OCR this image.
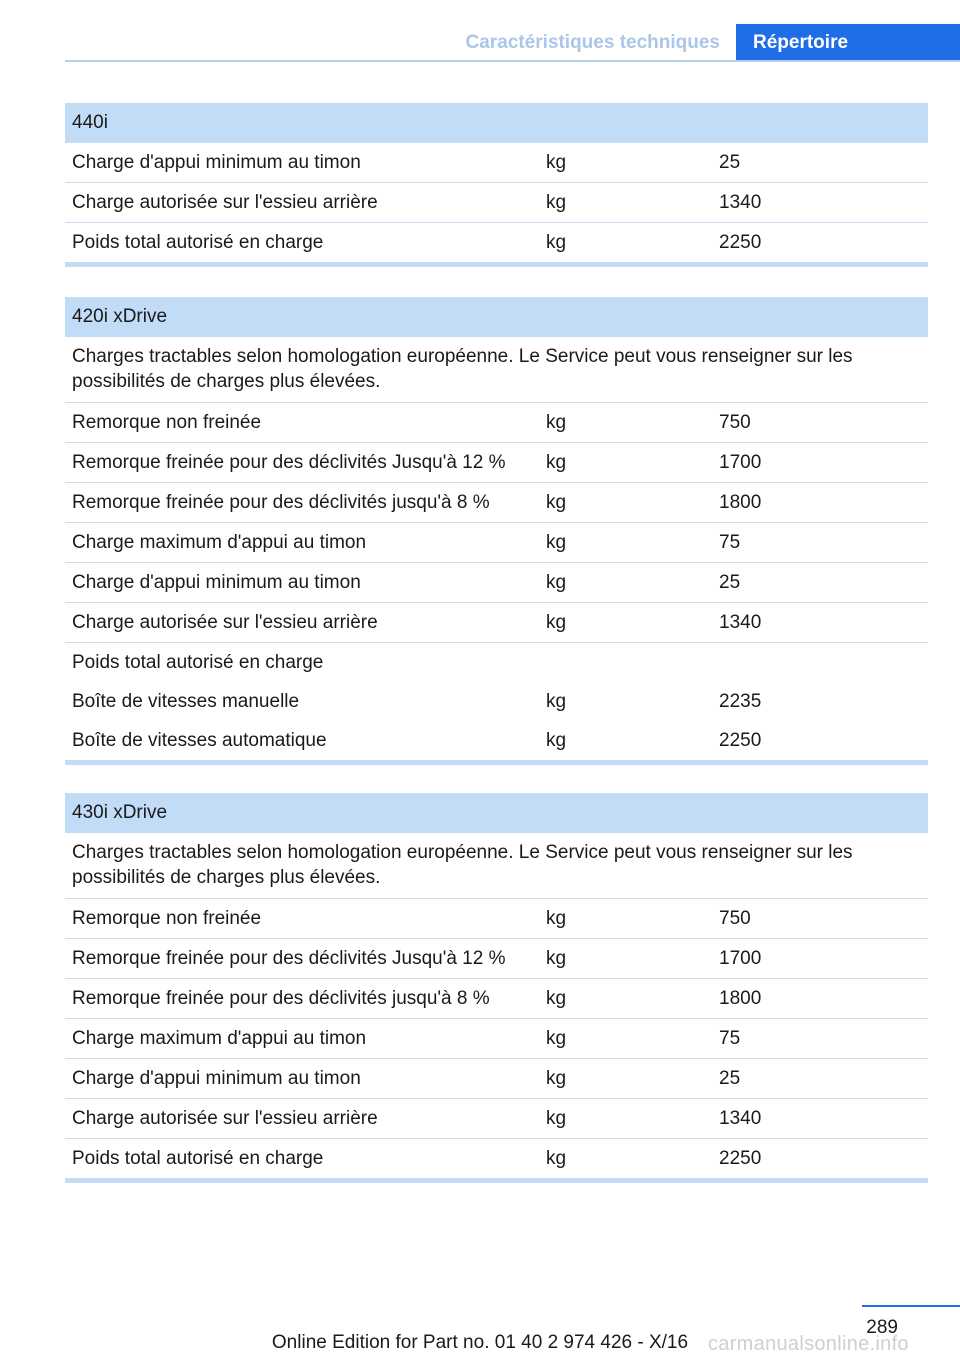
Caractéristiques techniques	Répertoire
440i
Charge d'appui minimum au timon	kg	25
Charge autorisée sur l'essieu arrière	kg	1340
Poids total autorisé en charge	kg	2250
420i xDrive
Charges tractables selon homologation européenne. Le Service peut vous renseigner sur les possibilités de charges plus élevées.
Remorque non freinée	kg	750
Remorque freinée pour des déclivités Jusqu'à 12 % kg	1700
Remorque freinée pour des déclivités jusqu'à 8 %	kg	1800
Charge maximum d'appui au timon	kg	75
Charge d'appui minimum au timon	kg	25
Charge autorisée sur l'essieu arrière	kg	1340
Poids total autorisé en charge
Boîte de vitesses manuelle	kg	2235
Boîte de vitesses automatique	kg	2250
430i xDrive
Charges tractables selon homologation européenne. Le Service peut vous renseigner sur les possibilités de charges plus élevées.
Remorque non freinée	kg	750
Remorque freinée pour des déclivités Jusqu'à 12 % kg	1700
Remorque freinée pour des déclivités jusqu'à 8 %	kg	1800
Charge maximum d'appui au timon	kg	75
Charge d'appui minimum au timon	kg	25
Charge autorisée sur l'essieu arrière	kg	1340
Poids total autorisé en charge	kg	2250
289
Online Edition for Part no. 01 40 2 974 426 - X/16 carmanualsonline.info
